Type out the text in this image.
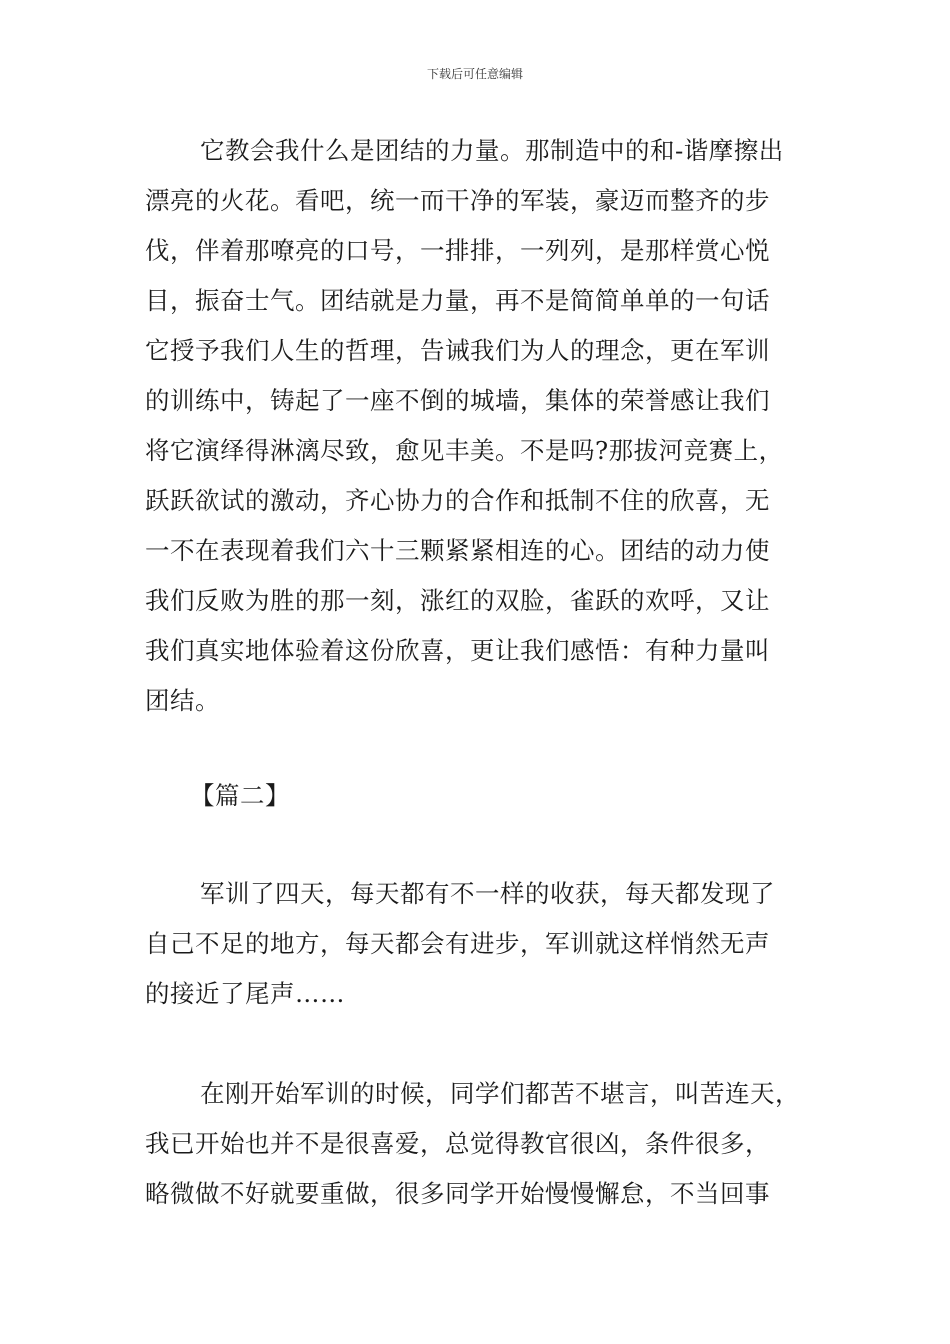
下载后可任意编辑
它教会我什么是团结的力量。那制造中的和-谐摩擦出
漂亮的火花。看吧，统一而干净的军装，豪迈而整齐的步
伐，伴着那嘹亮的口号，一排排，一列列，是那样赏心悦
目，振奋士气。团结就是力量，再不是简简单单的一句话
它授予我们人生的哲理，告诫我们为人的理念，更在军训
的训练中，铸起了一座不倒的城墙，集体的荣誉感让我们
将它演绎得淋漓尽致，愈见丰美。不是吗?那拔河竞赛上，
跃跃欲试的激动，齐心协力的合作和抵制不住的欣喜，无
一不在表现着我们六十三颗紧紧相连的心。团结的动力使
我们反败为胜的那一刻，涨红的双脸，雀跃的欢呼，又让
我们真实地体验着这份欣喜，更让我们感悟：有种力量叫
团结。
【篇二】
军训了四天，每天都有不一样的收获，每天都发现了
自己不足的地方，每天都会有进步，军训就这样悄然无声
的接近了尾声……
在刚开始军训的时候，同学们都苦不堪言，叫苦连天，
我已开始也并不是很喜爱，总觉得教官很凶，条件很多，
略微做不好就要重做，很多同学开始慢慢懈怠，不当回事
